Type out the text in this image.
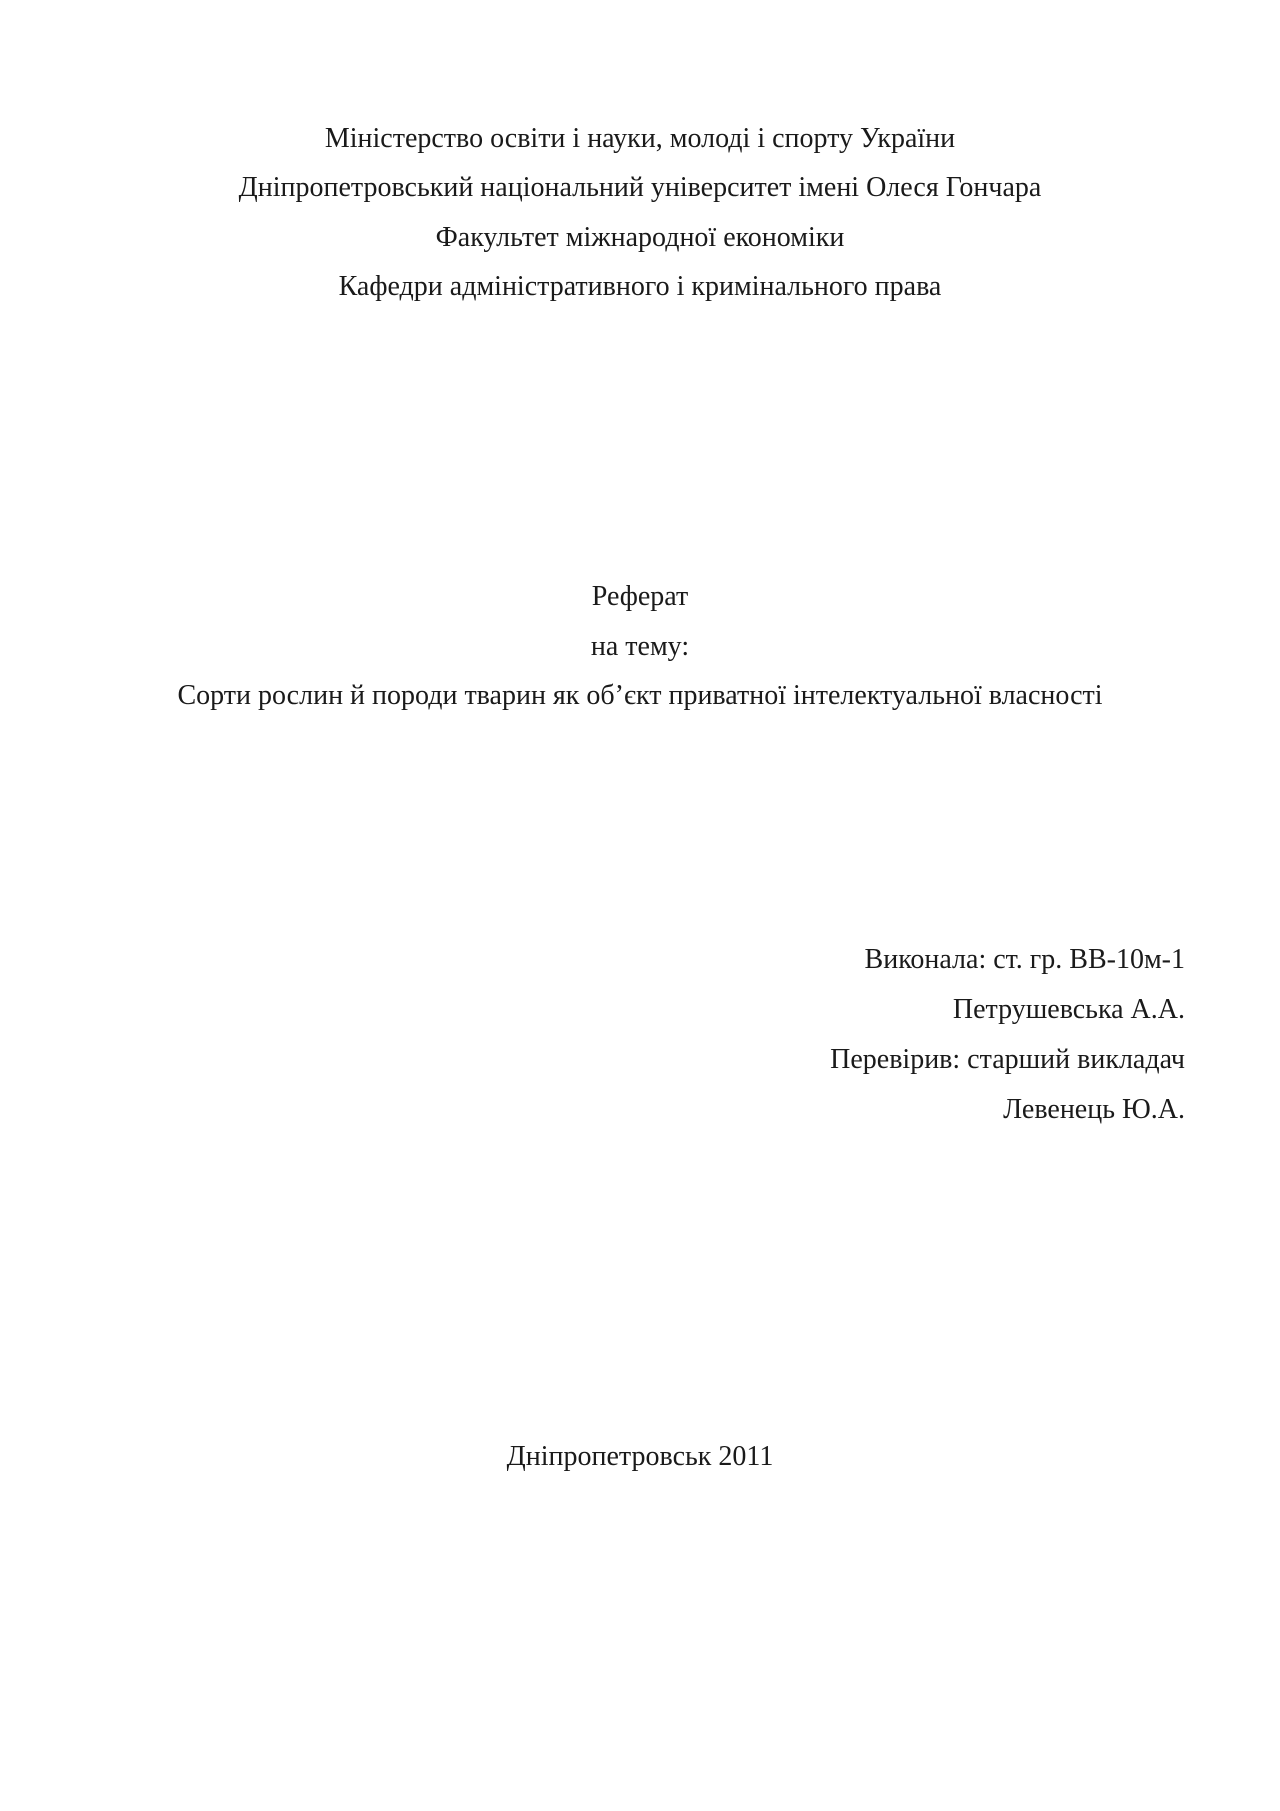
Міністерство освіти і науки, молоді і спорту України
Дніпропетровський національний університет імені Олеся Гончара
Факультет міжнародної економіки
Кафедри адміністративного і кримінального права
Реферат
на тему:
Сорти рослин й породи тварин як об’єкт приватної інтелектуальної власності
Виконала: ст. гр. ВВ-10м-1
Петрушевська А.А.
Перевірив: старший викладач
Левенець Ю.А.
Дніпропетровськ 2011
